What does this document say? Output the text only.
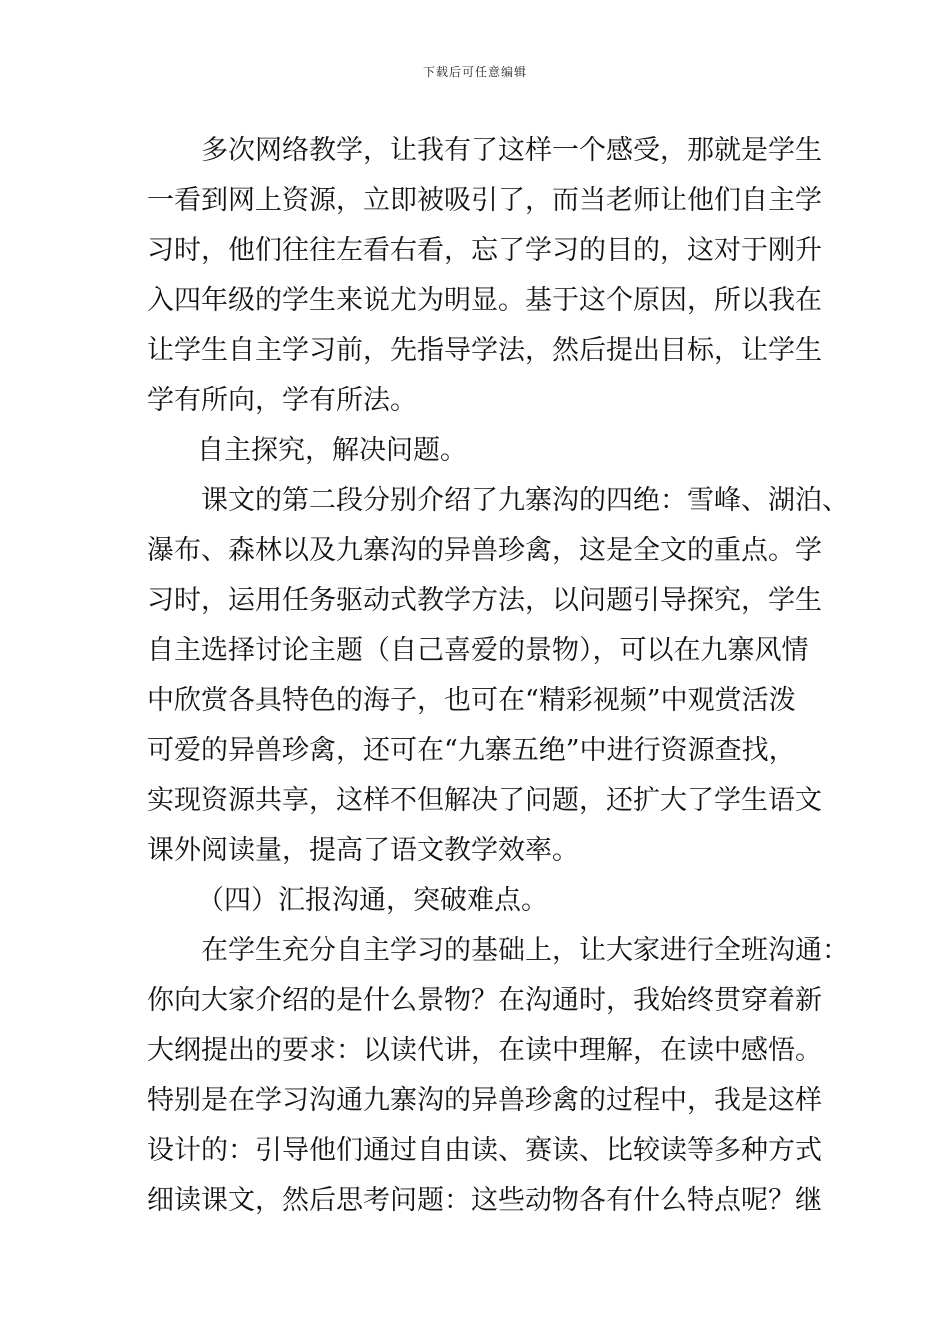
下载后可任意编辑
多次网络教学，让我有了这样一个感受，那就是学生
一看到网上资源，立即被吸引了，而当老师让他们自主学
习时，他们往往左看右看，忘了学习的目的，这对于刚升
入四年级的学生来说尤为明显。基于这个原因，所以我在
让学生自主学习前，先指导学法，然后提出目标，让学生
学有所向，学有所法。
自主探究，解决问题。
课文的第二段分别介绍了九寨沟的四绝：雪峰、湖泊、
瀑布、森林以及九寨沟的异兽珍禽，这是全文的重点。学
习时，运用任务驱动式教学方法，以问题引导探究，学生
自主选择讨论主题（自己喜爱的景物），可以在九寨风情
中欣赏各具特色的海子，也可在“精彩视频”中观赏活泼
可爱的异兽珍禽，还可在“九寨五绝”中进行资源查找，
实现资源共享，这样不但解决了问题，还扩大了学生语文
课外阅读量，提高了语文教学效率。
（四）汇报沟通，突破难点。
在学生充分自主学习的基础上，让大家进行全班沟通：
你向大家介绍的是什么景物？在沟通时，我始终贯穿着新
大纲提出的要求：以读代讲，在读中理解，在读中感悟。
特别是在学习沟通九寨沟的异兽珍禽的过程中，我是这样
设计的：引导他们通过自由读、赛读、比较读等多种方式
细读课文，然后思考问题：这些动物各有什么特点呢？继
